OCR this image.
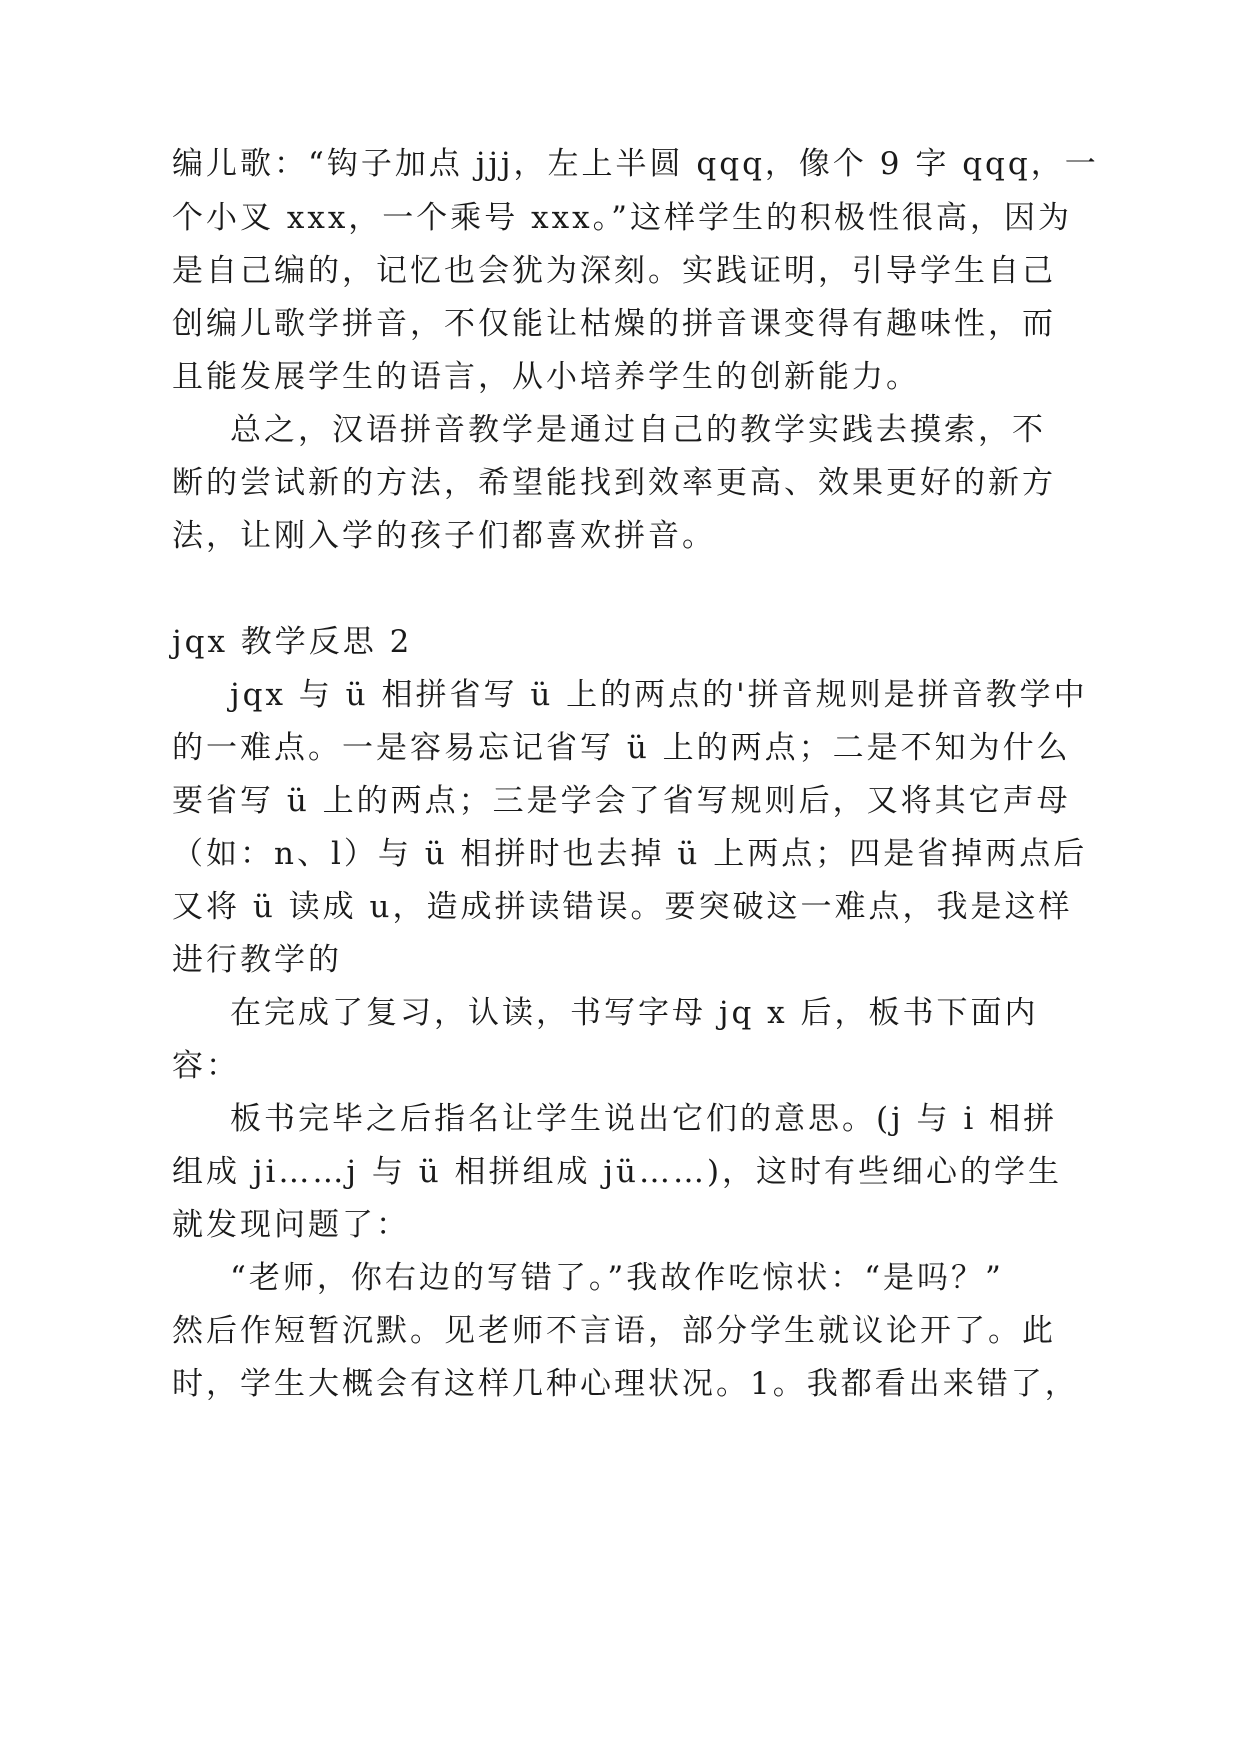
编儿歌：“钩子加点 jjj，左上半圆 qqq，像个 9 字 qqq，一
个小叉 xxx，一个乘号 xxx。”这样学生的积极性很高，因为
是自己编的，记忆也会犹为深刻。实践证明，引导学生自己
创编儿歌学拼音，不仅能让枯燥的拼音课变得有趣味性，而
且能发展学生的语言，从小培养学生的创新能力。
总之，汉语拼音教学是通过自己的教学实践去摸索，不
断的尝试新的方法，希望能找到效率更高、效果更好的新方
法，让刚入学的孩子们都喜欢拼音。
jqx 教学反思 2
jqx 与 ü 相拼省写 ü 上的两点的'拼音规则是拼音教学中
的一难点。一是容易忘记省写 ü 上的两点；二是不知为什么
要省写 ü 上的两点；三是学会了省写规则后，又将其它声母
（如：n、l）与 ü 相拼时也去掉 ü 上两点；四是省掉两点后
又将 ü 读成 u，造成拼读错误。要突破这一难点，我是这样
进行教学的
在完成了复习，认读，书写字母 jq x 后，板书下面内
容：
板书完毕之后指名让学生说出它们的意思。(j 与 i 相拼
组成 ji……j 与 ü 相拼组成 jü……)，这时有些细心的学生
就发现问题了：
“老师，你右边的写错了。”我故作吃惊状：“是吗？”
然后作短暂沉默。见老师不言语，部分学生就议论开了。此
时，学生大概会有这样几种心理状况。1。我都看出来错了，
